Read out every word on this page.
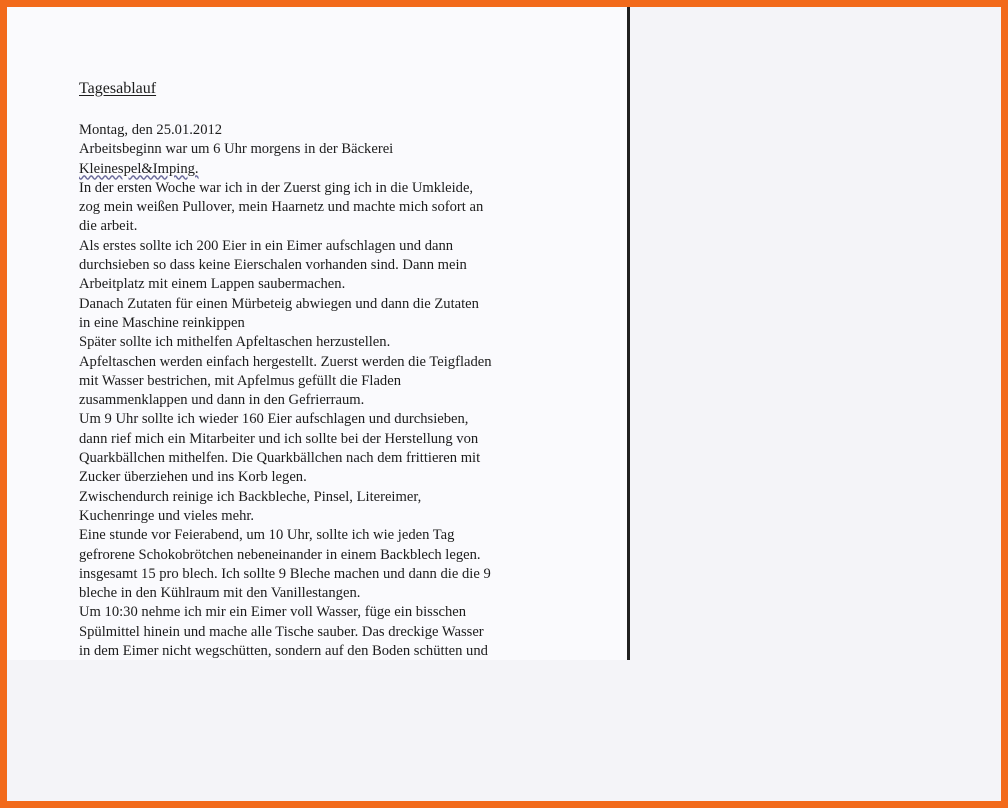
Tagesablauf
Montag, den 25.01.2012
Arbeitsbeginn war um 6 Uhr morgens in der Bäckerei
Kleinespel&Imping.
In der ersten Woche war ich in der Zuerst ging ich in die Umkleide,
zog mein weißen Pullover, mein Haarnetz und machte mich sofort an
die arbeit.
Als erstes sollte ich 200 Eier in ein Eimer aufschlagen und dann
durchsieben so dass keine Eierschalen vorhanden sind. Dann mein
Arbeitplatz mit einem Lappen saubermachen.
Danach Zutaten für einen Mürbeteig abwiegen und dann die Zutaten
in eine Maschine reinkippen
Später sollte ich mithelfen Apfeltaschen herzustellen.
Apfeltaschen werden einfach hergestellt. Zuerst werden die Teigfladen
mit Wasser bestrichen, mit Apfelmus gefüllt die Fladen
zusammenklappen und dann in den Gefrierraum.
Um 9 Uhr sollte ich wieder 160 Eier aufschlagen und durchsieben,
dann rief mich ein Mitarbeiter und ich sollte bei der Herstellung von
Quarkbällchen mithelfen. Die Quarkbällchen nach dem frittieren mit
Zucker überziehen und ins Korb legen.
Zwischendurch reinige ich Backbleche, Pinsel, Litereimer,
Kuchenringe und vieles mehr.
Eine stunde vor Feierabend, um 10 Uhr, sollte ich wie jeden Tag
gefrorene Schokobrötchen nebeneinander in einem Backblech legen.
insgesamt 15 pro blech. Ich sollte 9 Bleche machen und dann die die 9
bleche in den Kühlraum mit den Vanillestangen.
Um 10:30 nehme ich mir ein Eimer voll Wasser, füge ein bisschen
Spülmittel hinein und mache alle Tische sauber. Das dreckige Wasser
in dem Eimer nicht wegschütten, sondern auf den Boden schütten und
